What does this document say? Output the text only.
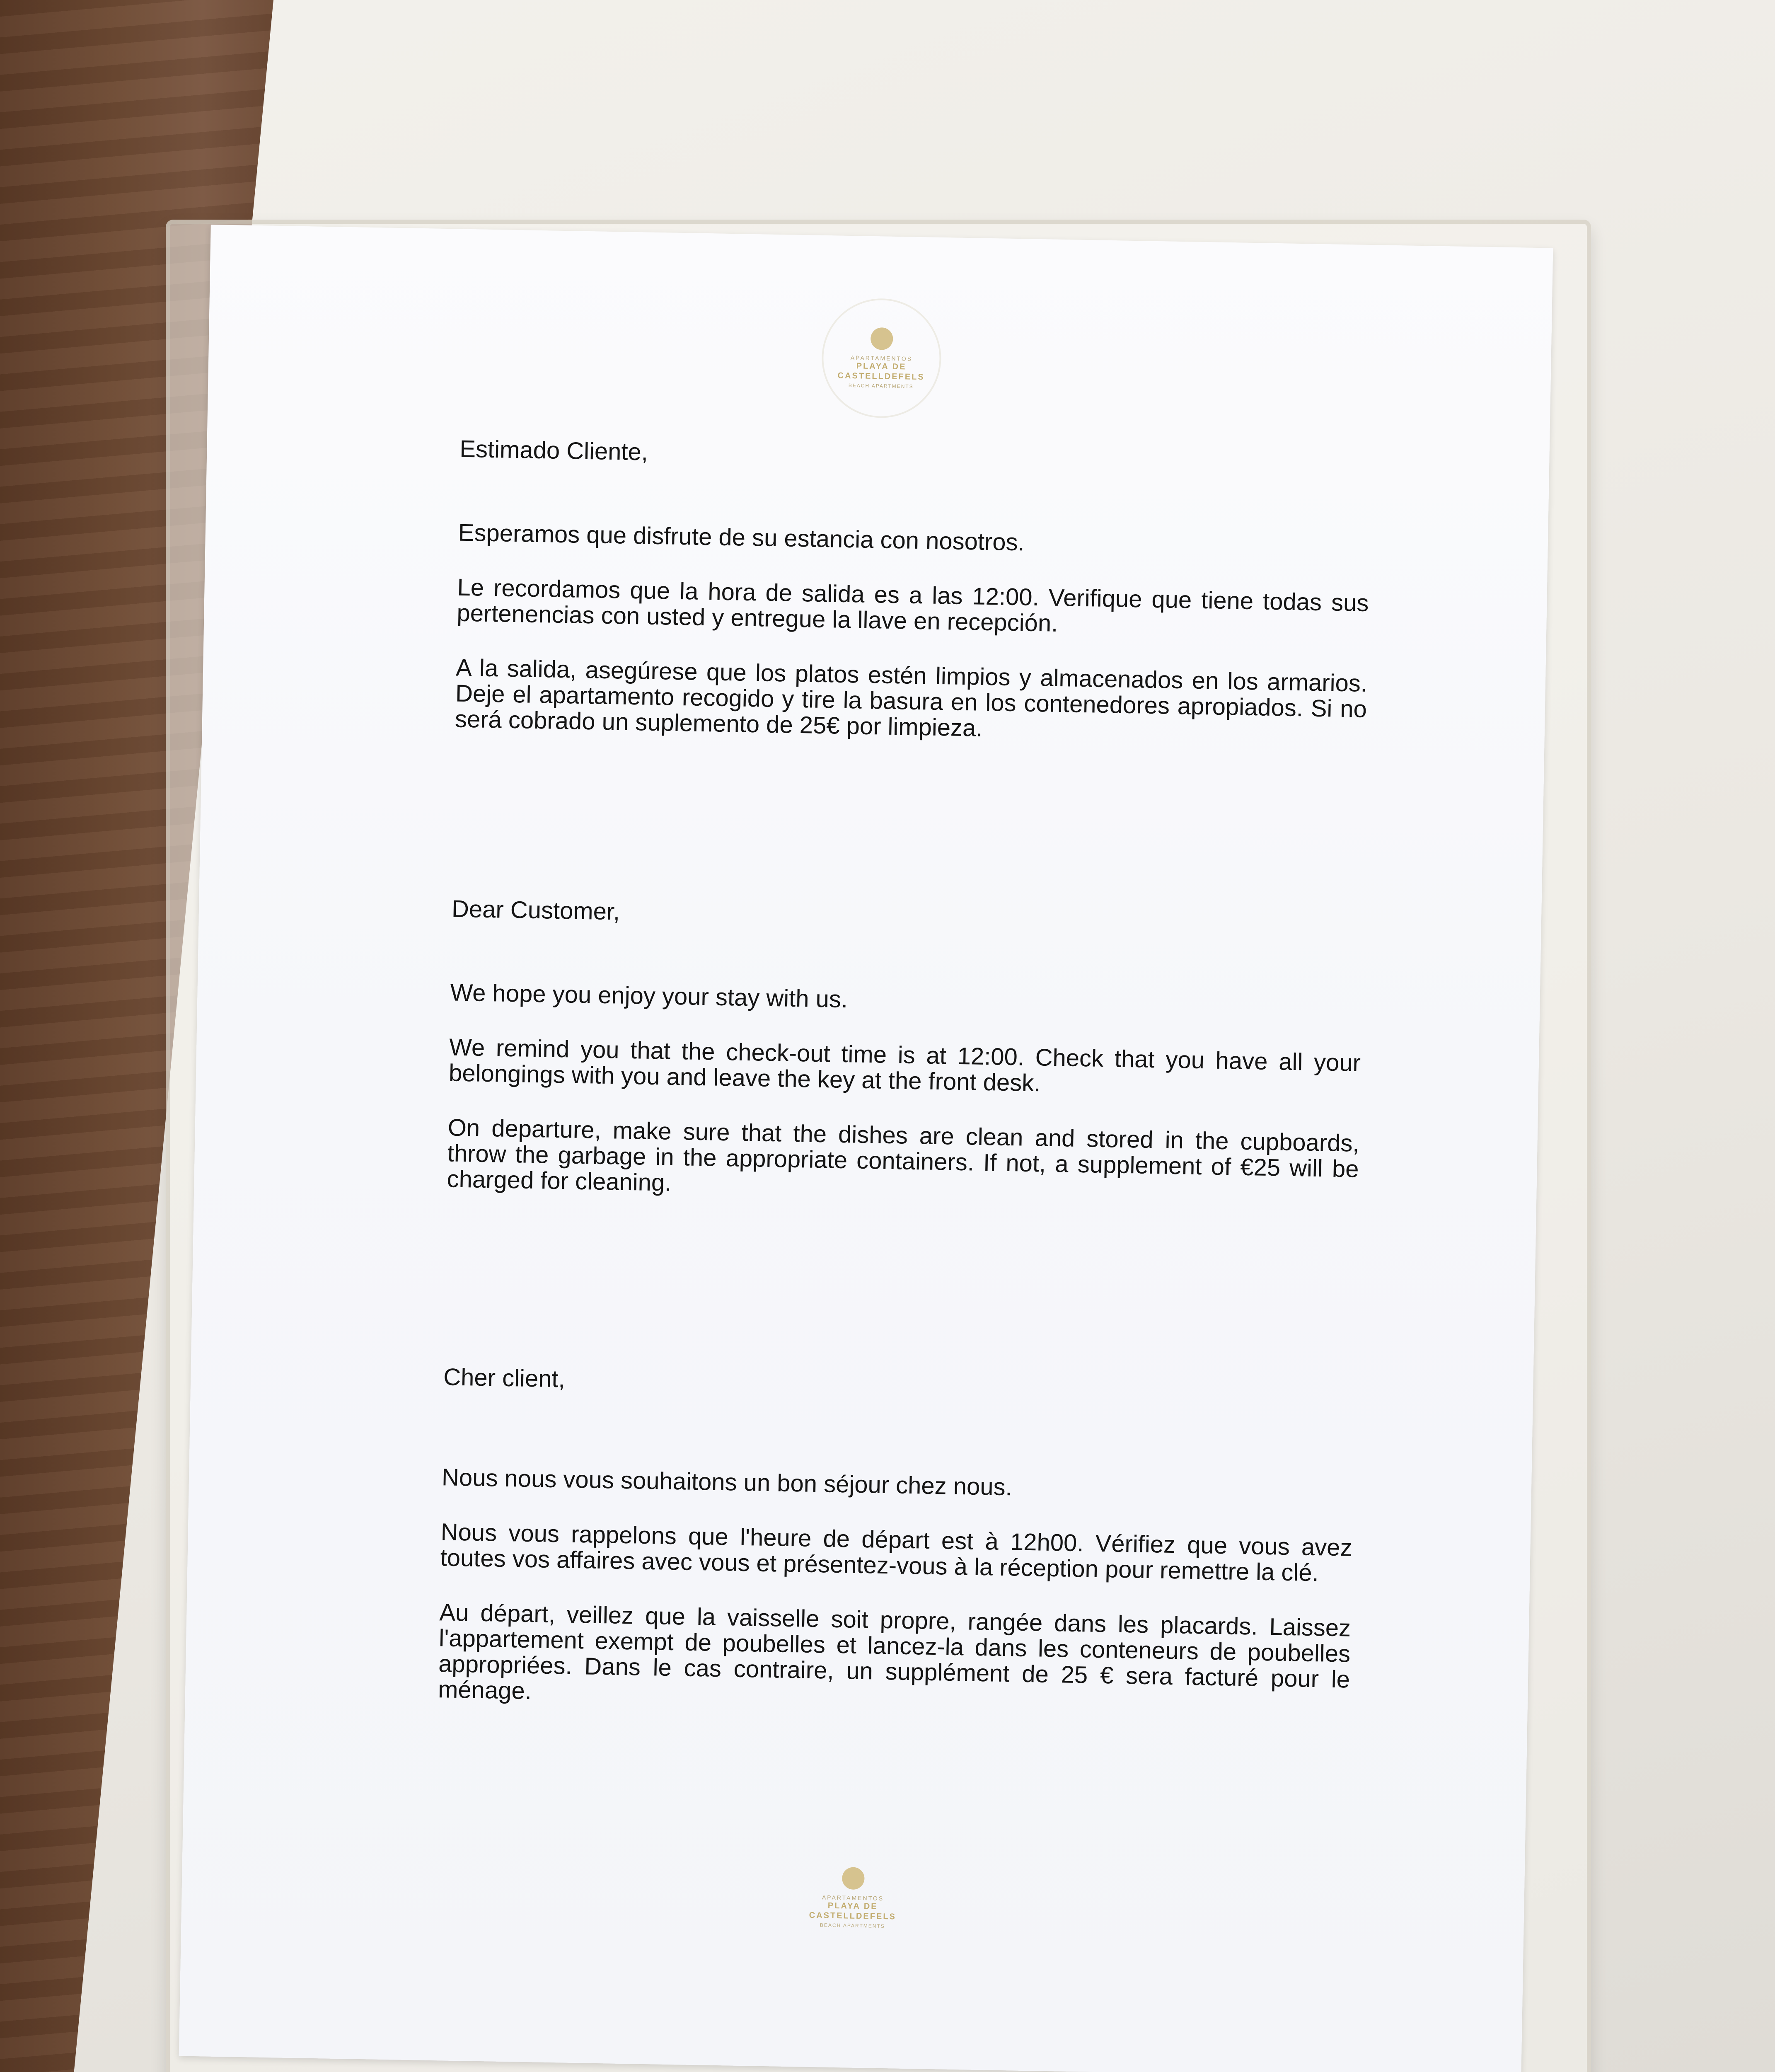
APARTAMENTOS
PLAYA DE
CASTELLDEFELS
BEACH APARTMENTS

Estimado Cliente,

Esperamos que disfrute de su estancia con nosotros.

Le recordamos que la hora de salida es a las 12:00. Verifique que tiene todas sus pertenencias con usted y entregue la llave en recepción.

A la salida, asegúrese que los platos estén limpios y almacenados en los armarios. Deje el apartamento recogido y tire la basura en los contenedores apropiados. Si no será cobrado un suplemento de 25€ por limpieza.

Dear Customer,

We hope you enjoy your stay with us.

We remind you that the check-out time is at 12:00. Check that you have all your belongings with you and leave the key at the front desk.

On departure, make sure that the dishes are clean and stored in the cupboards, throw the garbage in the appropriate containers. If not, a supplement of €25 will be charged for cleaning.

Cher client,

Nous nous vous souhaitons un bon séjour chez nous.

Nous vous rappelons que l'heure de départ est à 12h00. Vérifiez que vous avez toutes vos affaires avec vous et présentez-vous à la réception pour remettre la clé.

Au départ, veillez que la vaisselle soit propre, rangée dans les placards. Laissez l'appartement exempt de poubelles et lancez-la dans les conteneurs de poubelles appropriées. Dans le cas contraire, un supplément de 25 € sera facturé pour le ménage.

APARTAMENTOS
PLAYA DE
CASTELLDEFELS
BEACH APARTMENTS
